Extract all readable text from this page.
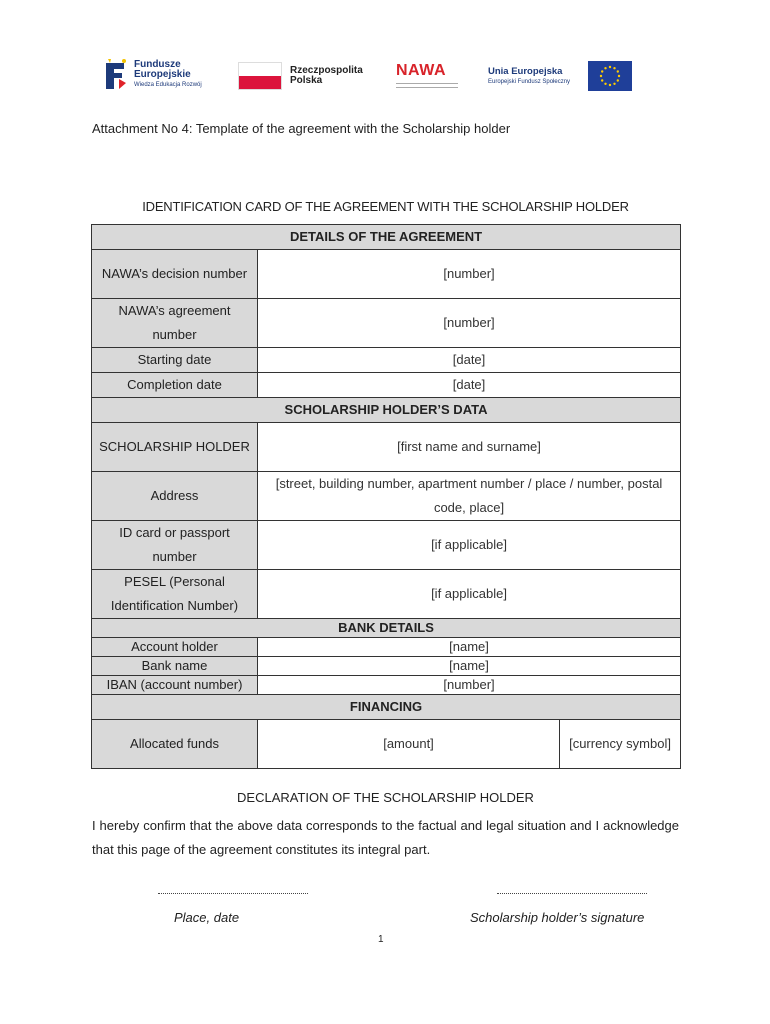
Fundusze
Europejskie
Wiedza Edukacja Rozwój
Rzeczpospolita
Polska
NAWA	Unia Europejska
Europejski Fundusz Społeczny
Attachment No 4: Template of the agreement with the Scholarship holder
IDENTIFICATION CARD OF THE AGREEMENT WITH THE SCHOLARSHIP HOLDER
DETAILS OF THE AGREEMENT		
NAWA’s decision number	[number]	
NAWA’s agreement number	[number]	
Starting date	[date]	
Completion date	[date]	
SCHOLARSHIP HOLDER’S DATA		
SCHOLARSHIP HOLDER	[first name and surname]	
Address	[street, building number, apartment number / place / number, postal code, place]	
ID card or passport number	[if applicable]	
PESEL (Personal Identification Number)	[if applicable]	
BANK DETAILS		
Account holder	[name]	
Bank name	[name]	
IBAN (account number)	[number]	
FINANCING		
Allocated funds	[amount]	[currency symbol]
DECLARATION OF THE SCHOLARSHIP HOLDER
I hereby confirm that the above data corresponds to the factual and legal situation and I acknowledge that this page of the agreement constitutes its integral part.
Place, date	Scholarship holder’s signature
1
